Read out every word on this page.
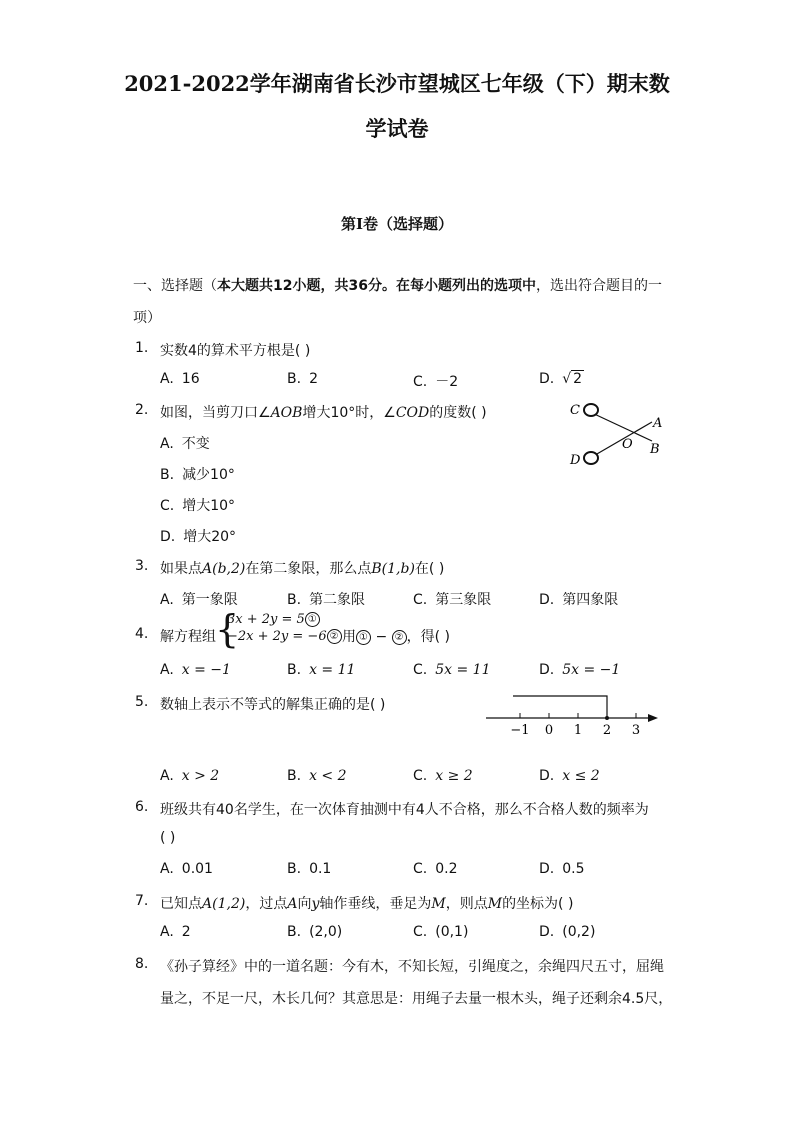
2021-2022学年湖南省长沙市望城区七年级（下）期末数
学试卷
第I卷（选择题）
一、选择题（本大题共12小题，共36分。在每小题列出的选项中，选出符合题目的一
项）
1. 实数4的算术平方根是( )
A. 16	B. 2	C. －2	D. √ 2
2. 如图，当剪刀口∠AOB增大10°时，∠COD的度数( )
A. 不变
B. 减少10°
C. 增大10°
D. 增大20°
C
A
O B
D
3. 如果点A(b,2)在第二象限，那么点B(1,b)在( )
A. 第一象限	B. 第二象限	C. 第三象限	D. 第四象限
4. 解方程组 {
3x + 2y = 5 ①
−2x + 2y = −6 ② 用 ① − ② ，得( )
A. x = −1	B. x = 11	C. 5x = 11	D. 5x = −1
5. 数轴上表示不等式的解集正确的是( )
−1 0 1 2 3
A. x > 2	B. x < 2	C. x ≥ 2	D. x ≤ 2
6. 班级共有40名学生，在一次体育抽测中有4人不合格，那么不合格人数的频率为
( )
A. 0.01	B. 0.1	C. 0.2	D. 0.5
7. 已知点A(1,2)，过点A向y轴作垂线，垂足为M，则点M的坐标为( )
A. 2	B. (2,0)	C. (0,1)	D. (0,2)
8. 《孙子算经》中的一道名题：今有木，不知长短，引绳度之，余绳四尺五寸，屈绳
量之，不足一尺，木长几何？其意思是：用绳子去量一根木头，绳子还剩余4.5尺，
